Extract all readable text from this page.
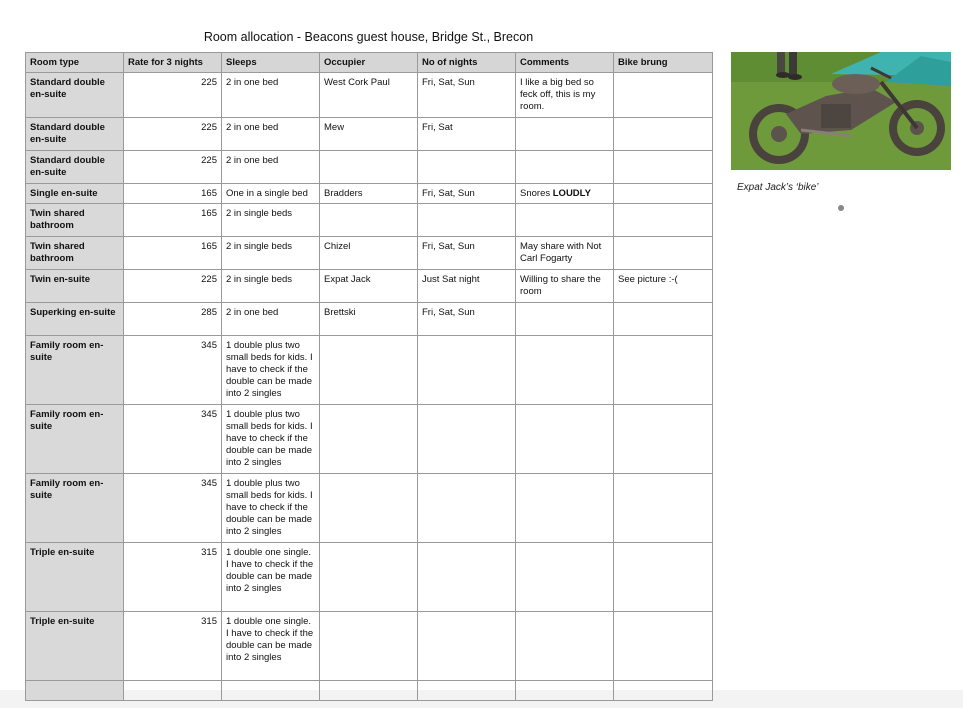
Room allocation - Beacons guest house, Bridge St., Brecon
Room type	Rate for 3 nights	Sleeps	Occupier	No of nights	Comments	Bike brung
Standard double en-suite	225	2 in one bed	West Cork Paul	Fri, Sat, Sun	I like a big bed so feck off, this is my room.	
Standard double en-suite	225	2 in one bed	Mew	Fri, Sat		
Standard double en-suite	225	2 in one bed				
Single en-suite	165	One in a single bed	Bradders	Fri, Sat, Sun	Snores LOUDLY	
Twin shared bathroom	165	2 in single beds				
Twin shared bathroom	165	2 in single beds	Chizel	Fri, Sat, Sun	May share with Not Carl Fogarty	
Twin en-suite	225	2 in single beds	Expat Jack	Just Sat night	Willing to share the room	See picture :-(
Superking en-suite	285	2 in one bed	Brettski	Fri, Sat, Sun		
Family room en-suite	345	1 double plus two small beds for kids. I have to check if the double can be made into 2 singles				
Family room en-suite	345	1 double plus two small beds for kids. I have to check if the double can be made into 2 singles				
Family room en-suite	345	1 double plus two small beds for kids. I have to check if the double can be made into 2 singles				
Triple en-suite	315	1 double one single. I have to check if the double can be made into 2 singles				
Triple en-suite	315	1 double one single. I have to check if the double can be made into 2 singles				

Expat Jack’s ‘bike’
